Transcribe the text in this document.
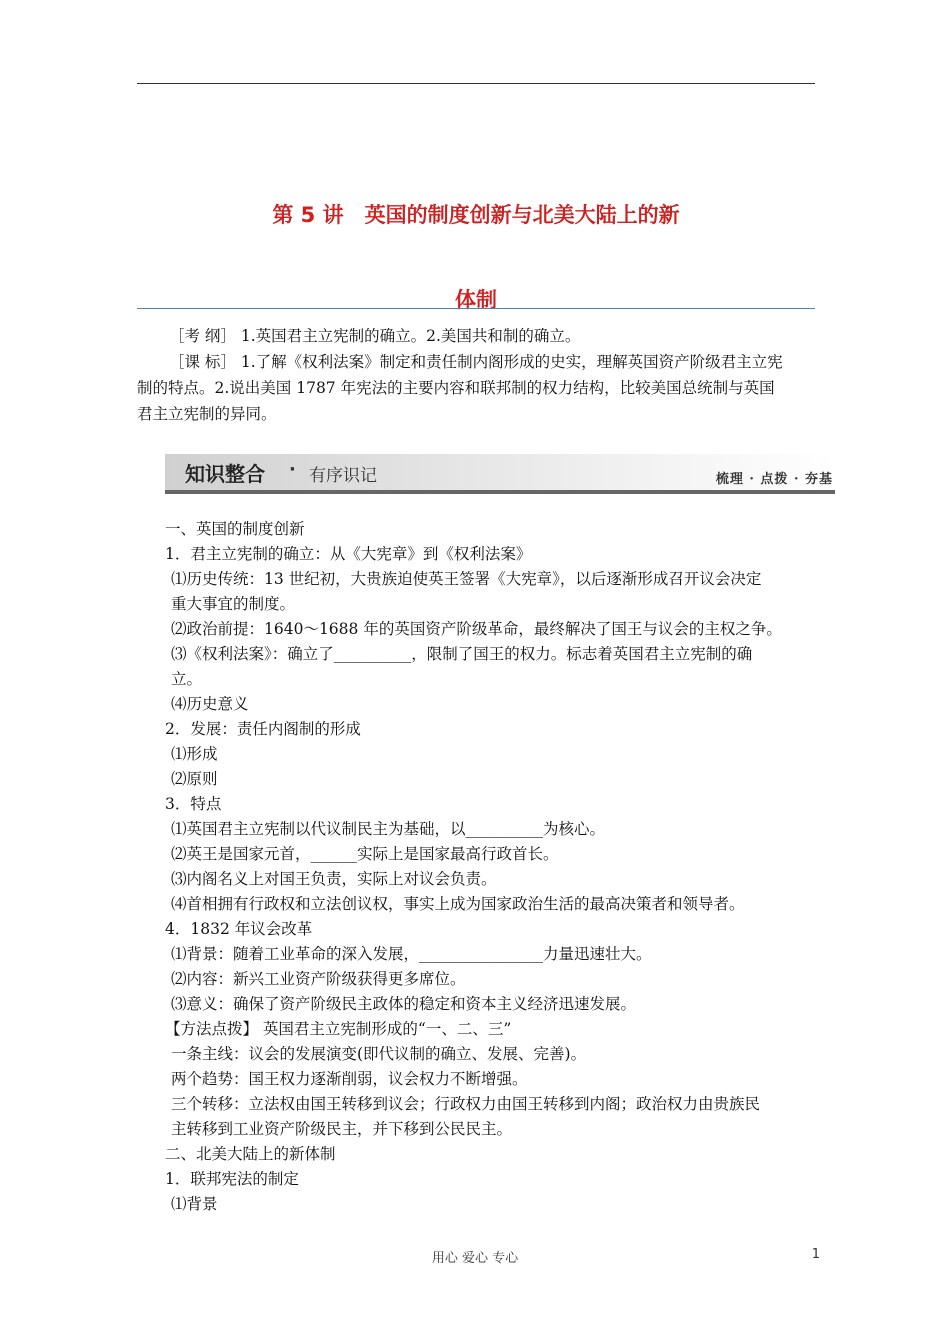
第 5 讲　英国的制度创新与北美大陆上的新
体制

［考 纲］ 1.英国君主立宪制的确立。2.美国共和制的确立。

［课 标］ 1.了解《权利法案》制定和责任制内阁形成的史实，理解英国资产阶级君主立宪

制的特点。2.说出美国 1787 年宪法的主要内容和联邦制的权力结构，比较美国总统制与英国

君主立宪制的异同。

知识整合 · 有序识记	梳理 · 点拨 · 夯基

一、英国的制度创新

1．君主立宪制的确立：从《大宪章》到《权利法案》

⑴历史传统：13 世纪初，大贵族迫使英王签署《大宪章》，以后逐渐形成召开议会决定

重大事宜的制度。

⑵政治前提：1640～1688 年的英国资产阶级革命，最终解决了国王与议会的主权之争。

⑶《权利法案》：确立了__________，限制了国王的权力。标志着英国君主立宪制的确

立。

⑷历史意义

2．发展：责任内阁制的形成

⑴形成

⑵原则

3．特点

⑴英国君主立宪制以代议制民主为基础，以__________为核心。

⑵英王是国家元首，______实际上是国家最高行政首长。

⑶内阁名义上对国王负责，实际上对议会负责。

⑷首相拥有行政权和立法创议权，事实上成为国家政治生活的最高决策者和领导者。

4．1832 年议会改革

⑴背景：随着工业革命的深入发展，________________力量迅速壮大。

⑵内容：新兴工业资产阶级获得更多席位。

⑶意义：确保了资产阶级民主政体的稳定和资本主义经济迅速发展。

【方法点拨】 英国君主立宪制形成的“一、二、三”

一条主线：议会的发展演变(即代议制的确立、发展、完善)。

两个趋势：国王权力逐渐削弱，议会权力不断增强。

三个转移：立法权由国王转移到议会；行政权力由国王转移到内阁；政治权力由贵族民

主转移到工业资产阶级民主，并下移到公民民主。

二、北美大陆上的新体制

1．联邦宪法的制定

⑴背景

用心 爱心 专心	1
